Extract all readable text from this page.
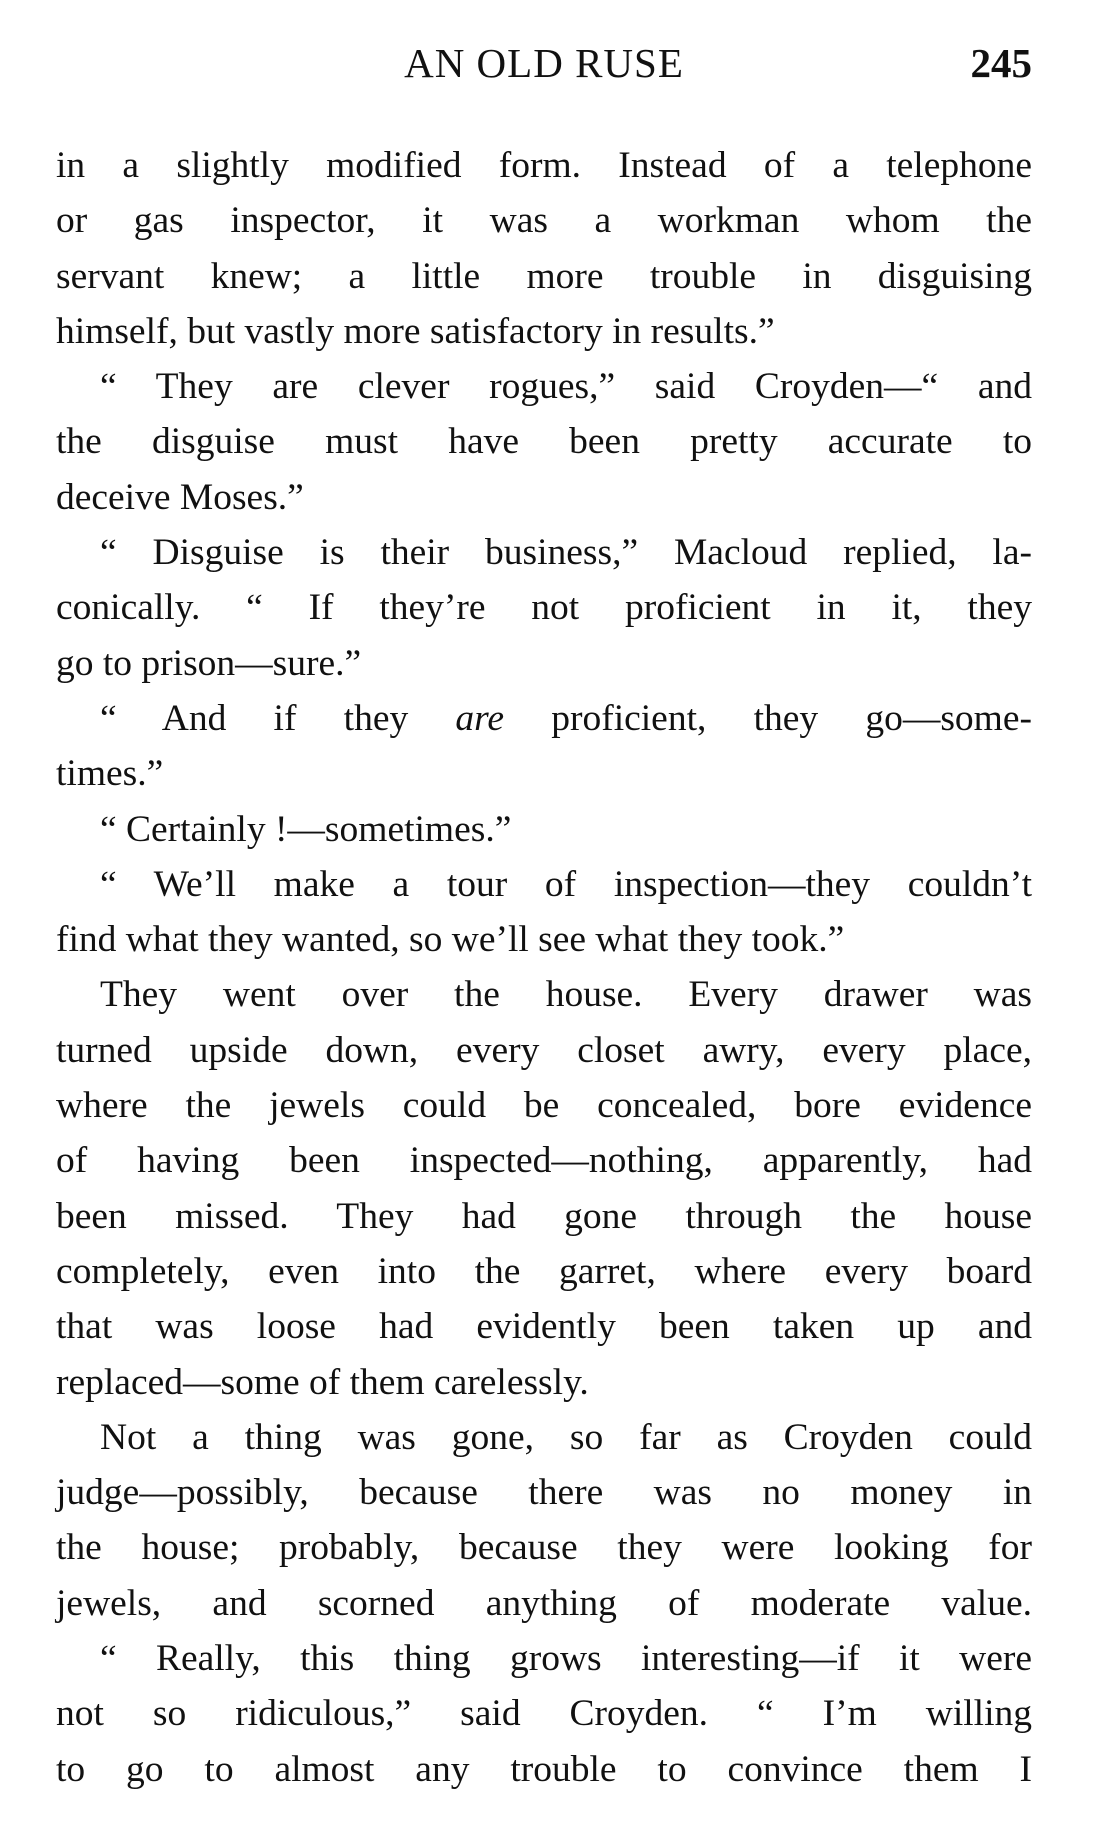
AN OLD RUSE	245
in a slightly modified form. Instead of a telephone
or gas inspector, it was a workman whom the
servant knew; a little more trouble in disguising
himself, but vastly more satisfactory in results.”
“ They are clever rogues,” said Croyden—“ and
the disguise must have been pretty accurate to
deceive Moses.”
“ Disguise is their business,” Macloud replied, la-
conically. “ If they’re not proficient in it, they
go to prison—sure.”
“ And if they are proficient, they go—some-
times.”
“ Certainly !—sometimes.”
“ We’ll make a tour of inspection—they couldn’t
find what they wanted, so we’ll see what they took.”
They went over the house. Every drawer was
turned upside down, every closet awry, every place,
where the jewels could be concealed, bore evidence
of having been inspected—nothing, apparently, had
been missed. They had gone through the house
completely, even into the garret, where every board
that was loose had evidently been taken up and
replaced—some of them carelessly.
Not a thing was gone, so far as Croyden could
judge—possibly, because there was no money in
the house; probably, because they were looking for
jewels, and scorned anything of moderate value.
“ Really, this thing grows interesting—if it were
not so ridiculous,” said Croyden. “ I’m willing
to go to almost any trouble to convince them I
